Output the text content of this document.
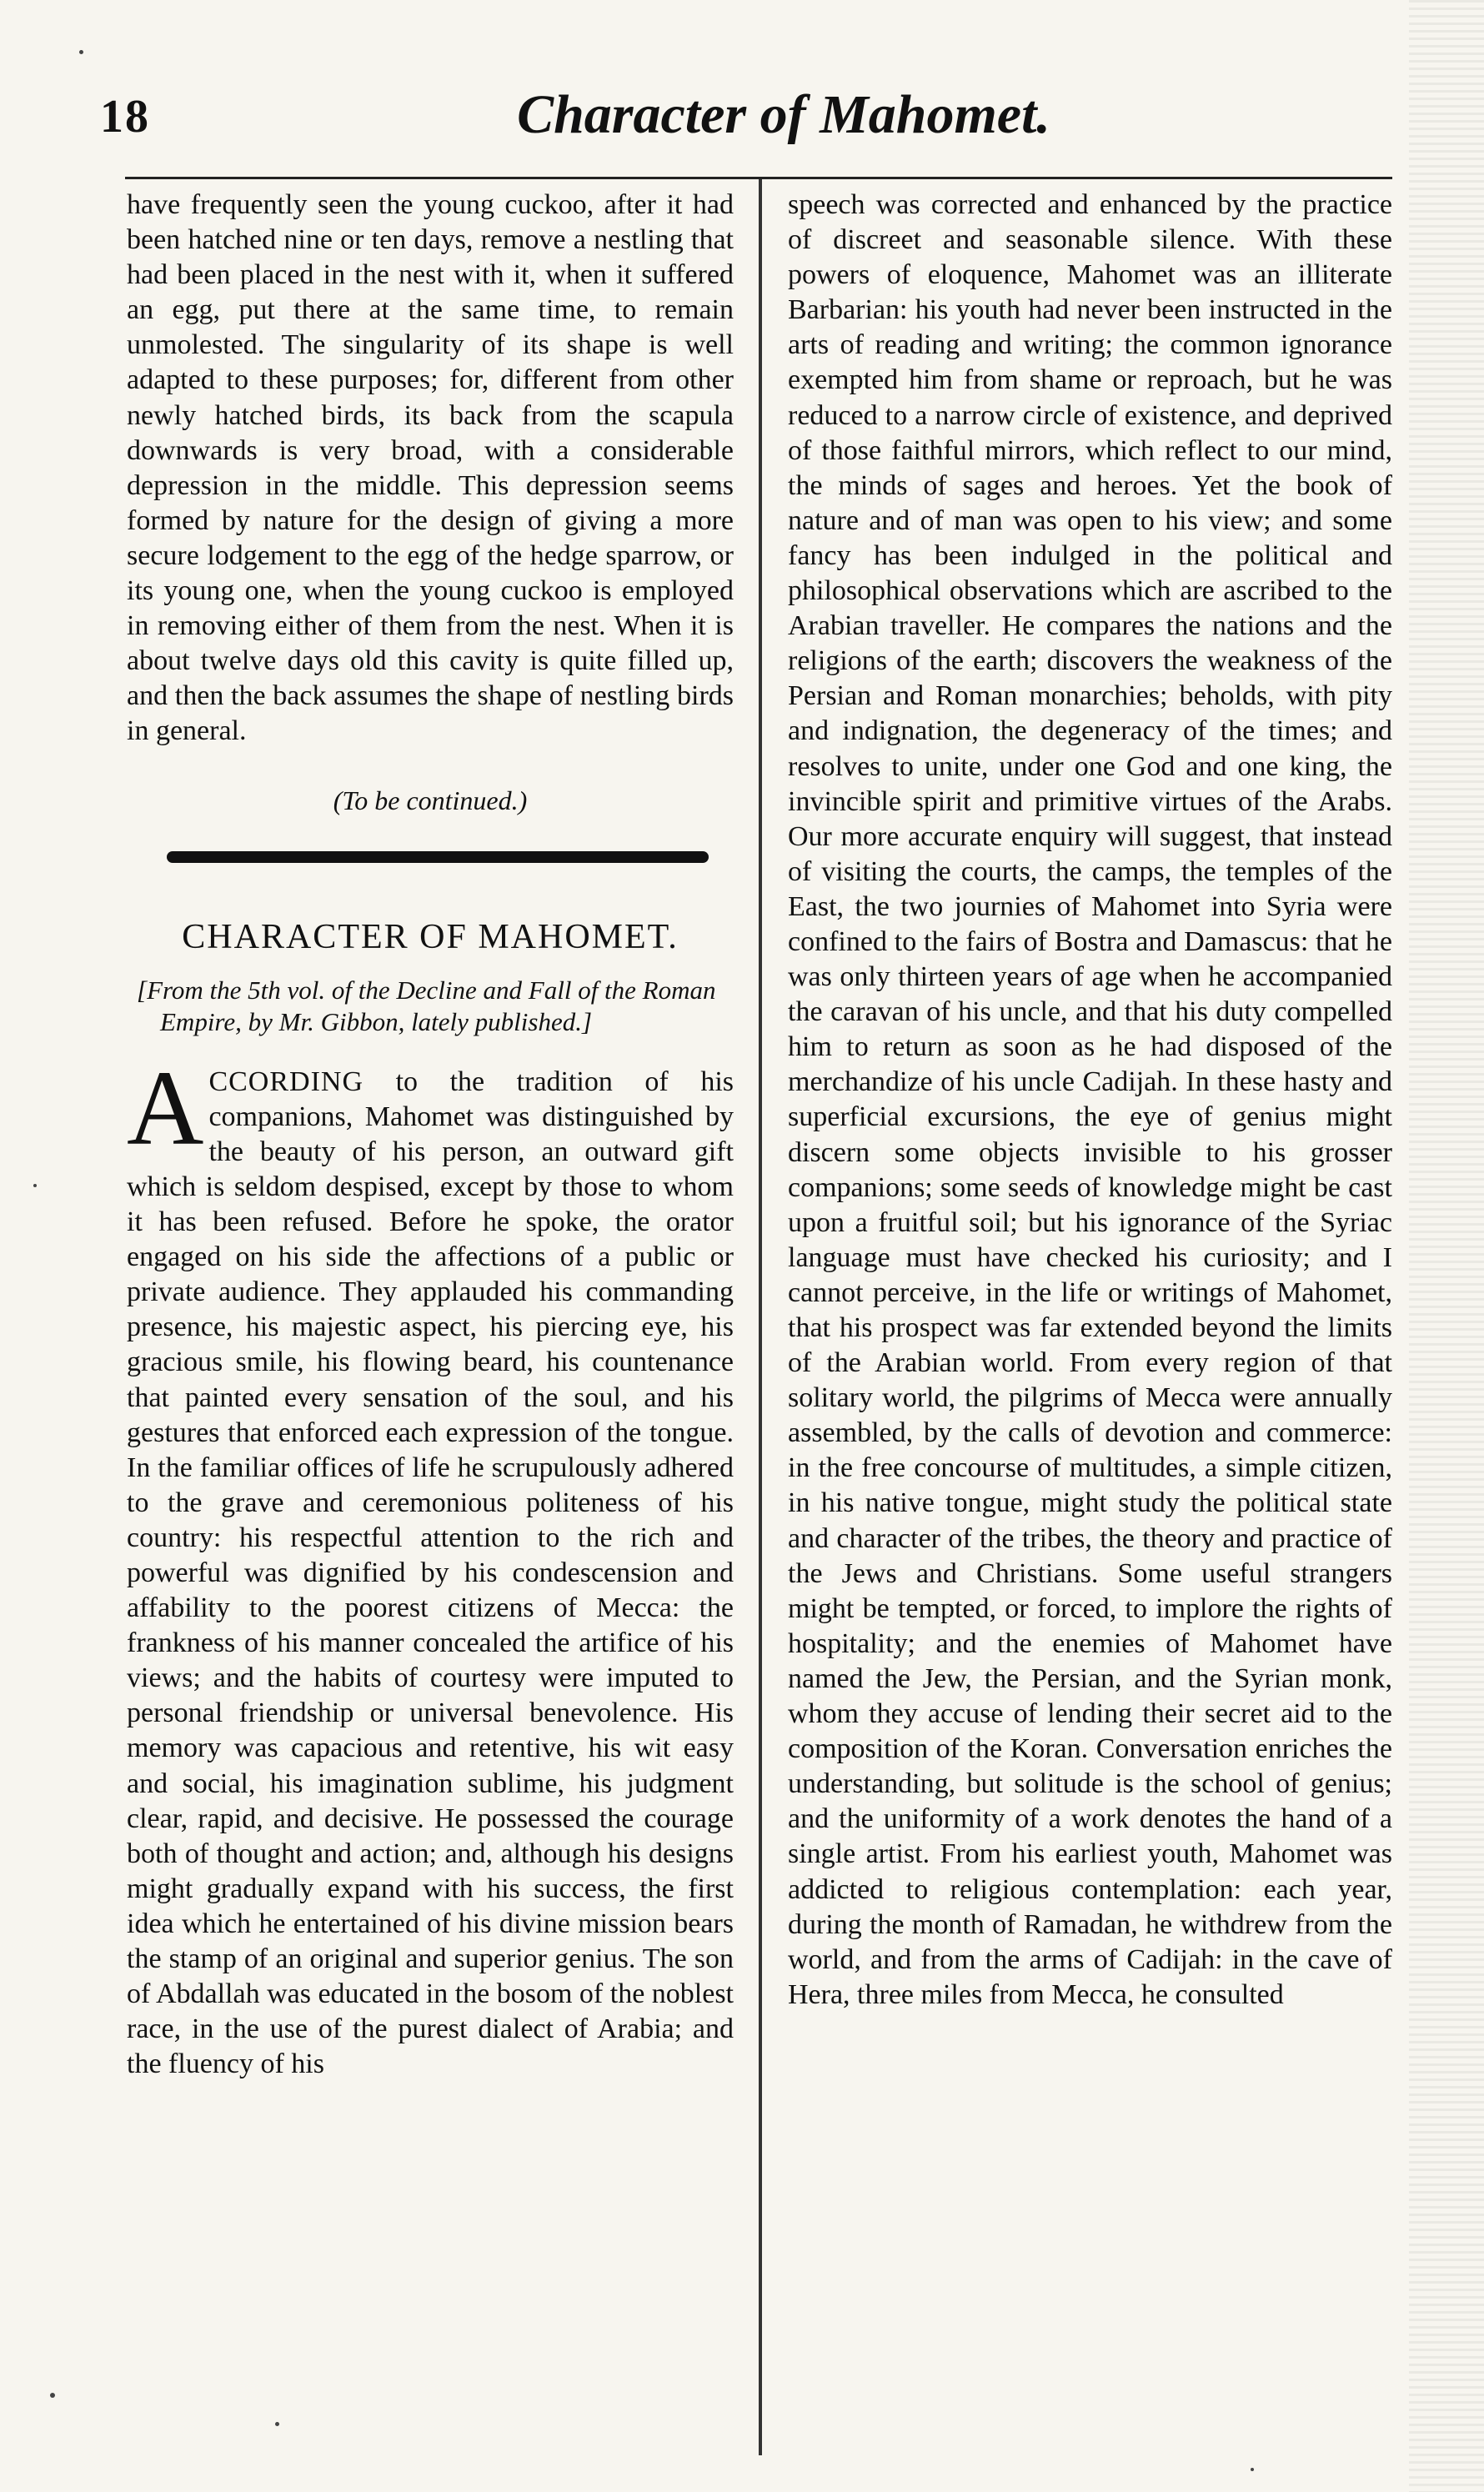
18	Character of Mahomet.

have frequently seen the young cuckoo, after it had been hatched nine or ten days, remove a nestling that had been placed in the nest with it, when it suffered an egg, put there at the same time, to remain unmolested. The singularity of its shape is well adapted to these purposes; for, different from other newly hatched birds, its back from the scapula downwards is very broad, with a considerable depression in the middle. This depression seems formed by nature for the design of giving a more secure lodgement to the egg of the hedge sparrow, or its young one, when the young cuckoo is employed in removing either of them from the nest. When it is about twelve days old this cavity is quite filled up, and then the back assumes the shape of nestling birds in general.

(To be continued.)
CHARACTER OF MAHOMET.
[From the 5th vol. of the Decline and Fall of the Roman Empire, by Mr. Gibbon, lately published.]

ACCORDING to the tradition of his companions, Mahomet was distinguished by the beauty of his person, an outward gift which is seldom despised, except by those to whom it has been refused. Before he spoke, the orator engaged on his side the affections of a public or private audience. They applauded his commanding presence, his majestic aspect, his piercing eye, his gracious smile, his flowing beard, his countenance that painted every sensation of the soul, and his gestures that enforced each expression of the tongue. In the familiar offices of life he scrupulously adhered to the grave and ceremonious politeness of his country: his respectful attention to the rich and powerful was dignified by his condescension and affability to the poorest citizens of Mecca: the frankness of his manner concealed the artifice of his views; and the habits of courtesy were imputed to personal friendship or universal benevolence. His memory was capacious and retentive, his wit easy and social, his imagination sublime, his judgment clear, rapid, and decisive. He possessed the courage both of thought and action; and, although his designs might gradually expand with his success, the first idea which he entertained of his divine mission bears the stamp of an original and superior genius. The son of Abdallah was educated in the bosom of the noblest race, in the use of the purest dialect of Arabia; and the fluency of his

speech was corrected and enhanced by the practice of discreet and seasonable silence. With these powers of eloquence, Mahomet was an illiterate Barbarian: his youth had never been instructed in the arts of reading and writing; the common ignorance exempted him from shame or reproach, but he was reduced to a narrow circle of existence, and deprived of those faithful mirrors, which reflect to our mind, the minds of sages and heroes. Yet the book of nature and of man was open to his view; and some fancy has been indulged in the political and philosophical observations which are ascribed to the Arabian traveller. He compares the nations and the religions of the earth; discovers the weakness of the Persian and Roman monarchies; beholds, with pity and indignation, the degeneracy of the times; and resolves to unite, under one God and one king, the invincible spirit and primitive virtues of the Arabs. Our more accurate enquiry will suggest, that instead of visiting the courts, the camps, the temples of the East, the two journies of Mahomet into Syria were confined to the fairs of Bostra and Damascus: that he was only thirteen years of age when he accompanied the caravan of his uncle, and that his duty compelled him to return as soon as he had disposed of the merchandize of his uncle Cadijah. In these hasty and superficial excursions, the eye of genius might discern some objects invisible to his grosser companions; some seeds of knowledge might be cast upon a fruitful soil; but his ignorance of the Syriac language must have checked his curiosity; and I cannot perceive, in the life or writings of Mahomet, that his prospect was far extended beyond the limits of the Arabian world. From every region of that solitary world, the pilgrims of Mecca were annually assembled, by the calls of devotion and commerce: in the free concourse of multitudes, a simple citizen, in his native tongue, might study the political state and character of the tribes, the theory and practice of the Jews and Christians. Some useful strangers might be tempted, or forced, to implore the rights of hospitality; and the enemies of Mahomet have named the Jew, the Persian, and the Syrian monk, whom they accuse of lending their secret aid to the composition of the Koran. Conversation enriches the understanding, but solitude is the school of genius; and the uniformity of a work denotes the hand of a single artist. From his earliest youth, Mahomet was addicted to religious contemplation: each year, during the month of Ramadan, he withdrew from the world, and from the arms of Cadijah: in the cave of Hera, three miles from Mecca, he consulted
